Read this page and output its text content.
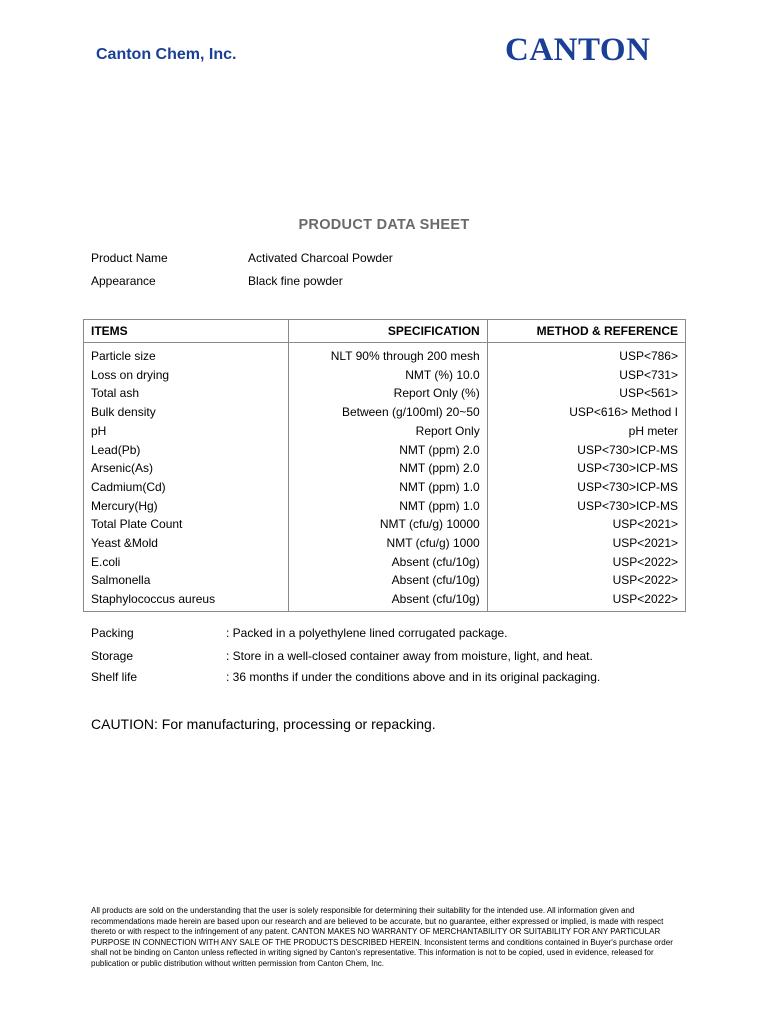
Canton Chem, Inc.	CANTON
PRODUCT DATA SHEET
Product Name	Activated Charcoal Powder
Appearance	Black fine powder
ITEMS	SPECIFICATION	METHOD & REFERENCE
Particle size	NLT 90% through 200 mesh	USP<786>
Loss on drying	NMT (%) 10.0	USP<731>
Total ash	Report Only (%)	USP<561>
Bulk density	Between (g/100ml) 20~50	USP<616> Method I
pH	Report Only	pH meter
Lead(Pb)	NMT (ppm) 2.0	USP<730>ICP-MS
Arsenic(As)	NMT (ppm) 2.0	USP<730>ICP-MS
Cadmium(Cd)	NMT (ppm) 1.0	USP<730>ICP-MS
Mercury(Hg)	NMT (ppm) 1.0	USP<730>ICP-MS
Total Plate Count	NMT (cfu/g) 10000	USP<2021>
Yeast &Mold	NMT (cfu/g) 1000	USP<2021>
E.coli	Absent (cfu/10g)	USP<2022>
Salmonella	Absent (cfu/10g)	USP<2022>
Staphylococcus aureus	Absent (cfu/10g)	USP<2022>
Packing	: Packed in a polyethylene lined corrugated package.
Storage	: Store in a well-closed container away from moisture, light, and heat.
Shelf life	: 36 months if under the conditions above and in its original packaging.
CAUTION: For manufacturing, processing or repacking.
All products are sold on the understanding that the user is solely responsible for determining their suitability for the intended use. All information given and recommendations made herein are based upon our research and are believed to be accurate, but no guarantee, either expressed or implied, is made with respect thereto or with respect to the infringement of any patent. CANTON MAKES NO WARRANTY OF MERCHANTABILITY OR SUITABILITY FOR ANY PARTICULAR PURPOSE IN CONNECTION WITH ANY SALE OF THE PRODUCTS DESCRIBED HEREIN. Inconsistent terms and conditions contained in Buyer's purchase order shall not be binding on Canton unless reflected in writing signed by Canton's representative. This information is not to be copied, used in evidence, released for publication or public distribution without written permission from Canton Chem, Inc.
